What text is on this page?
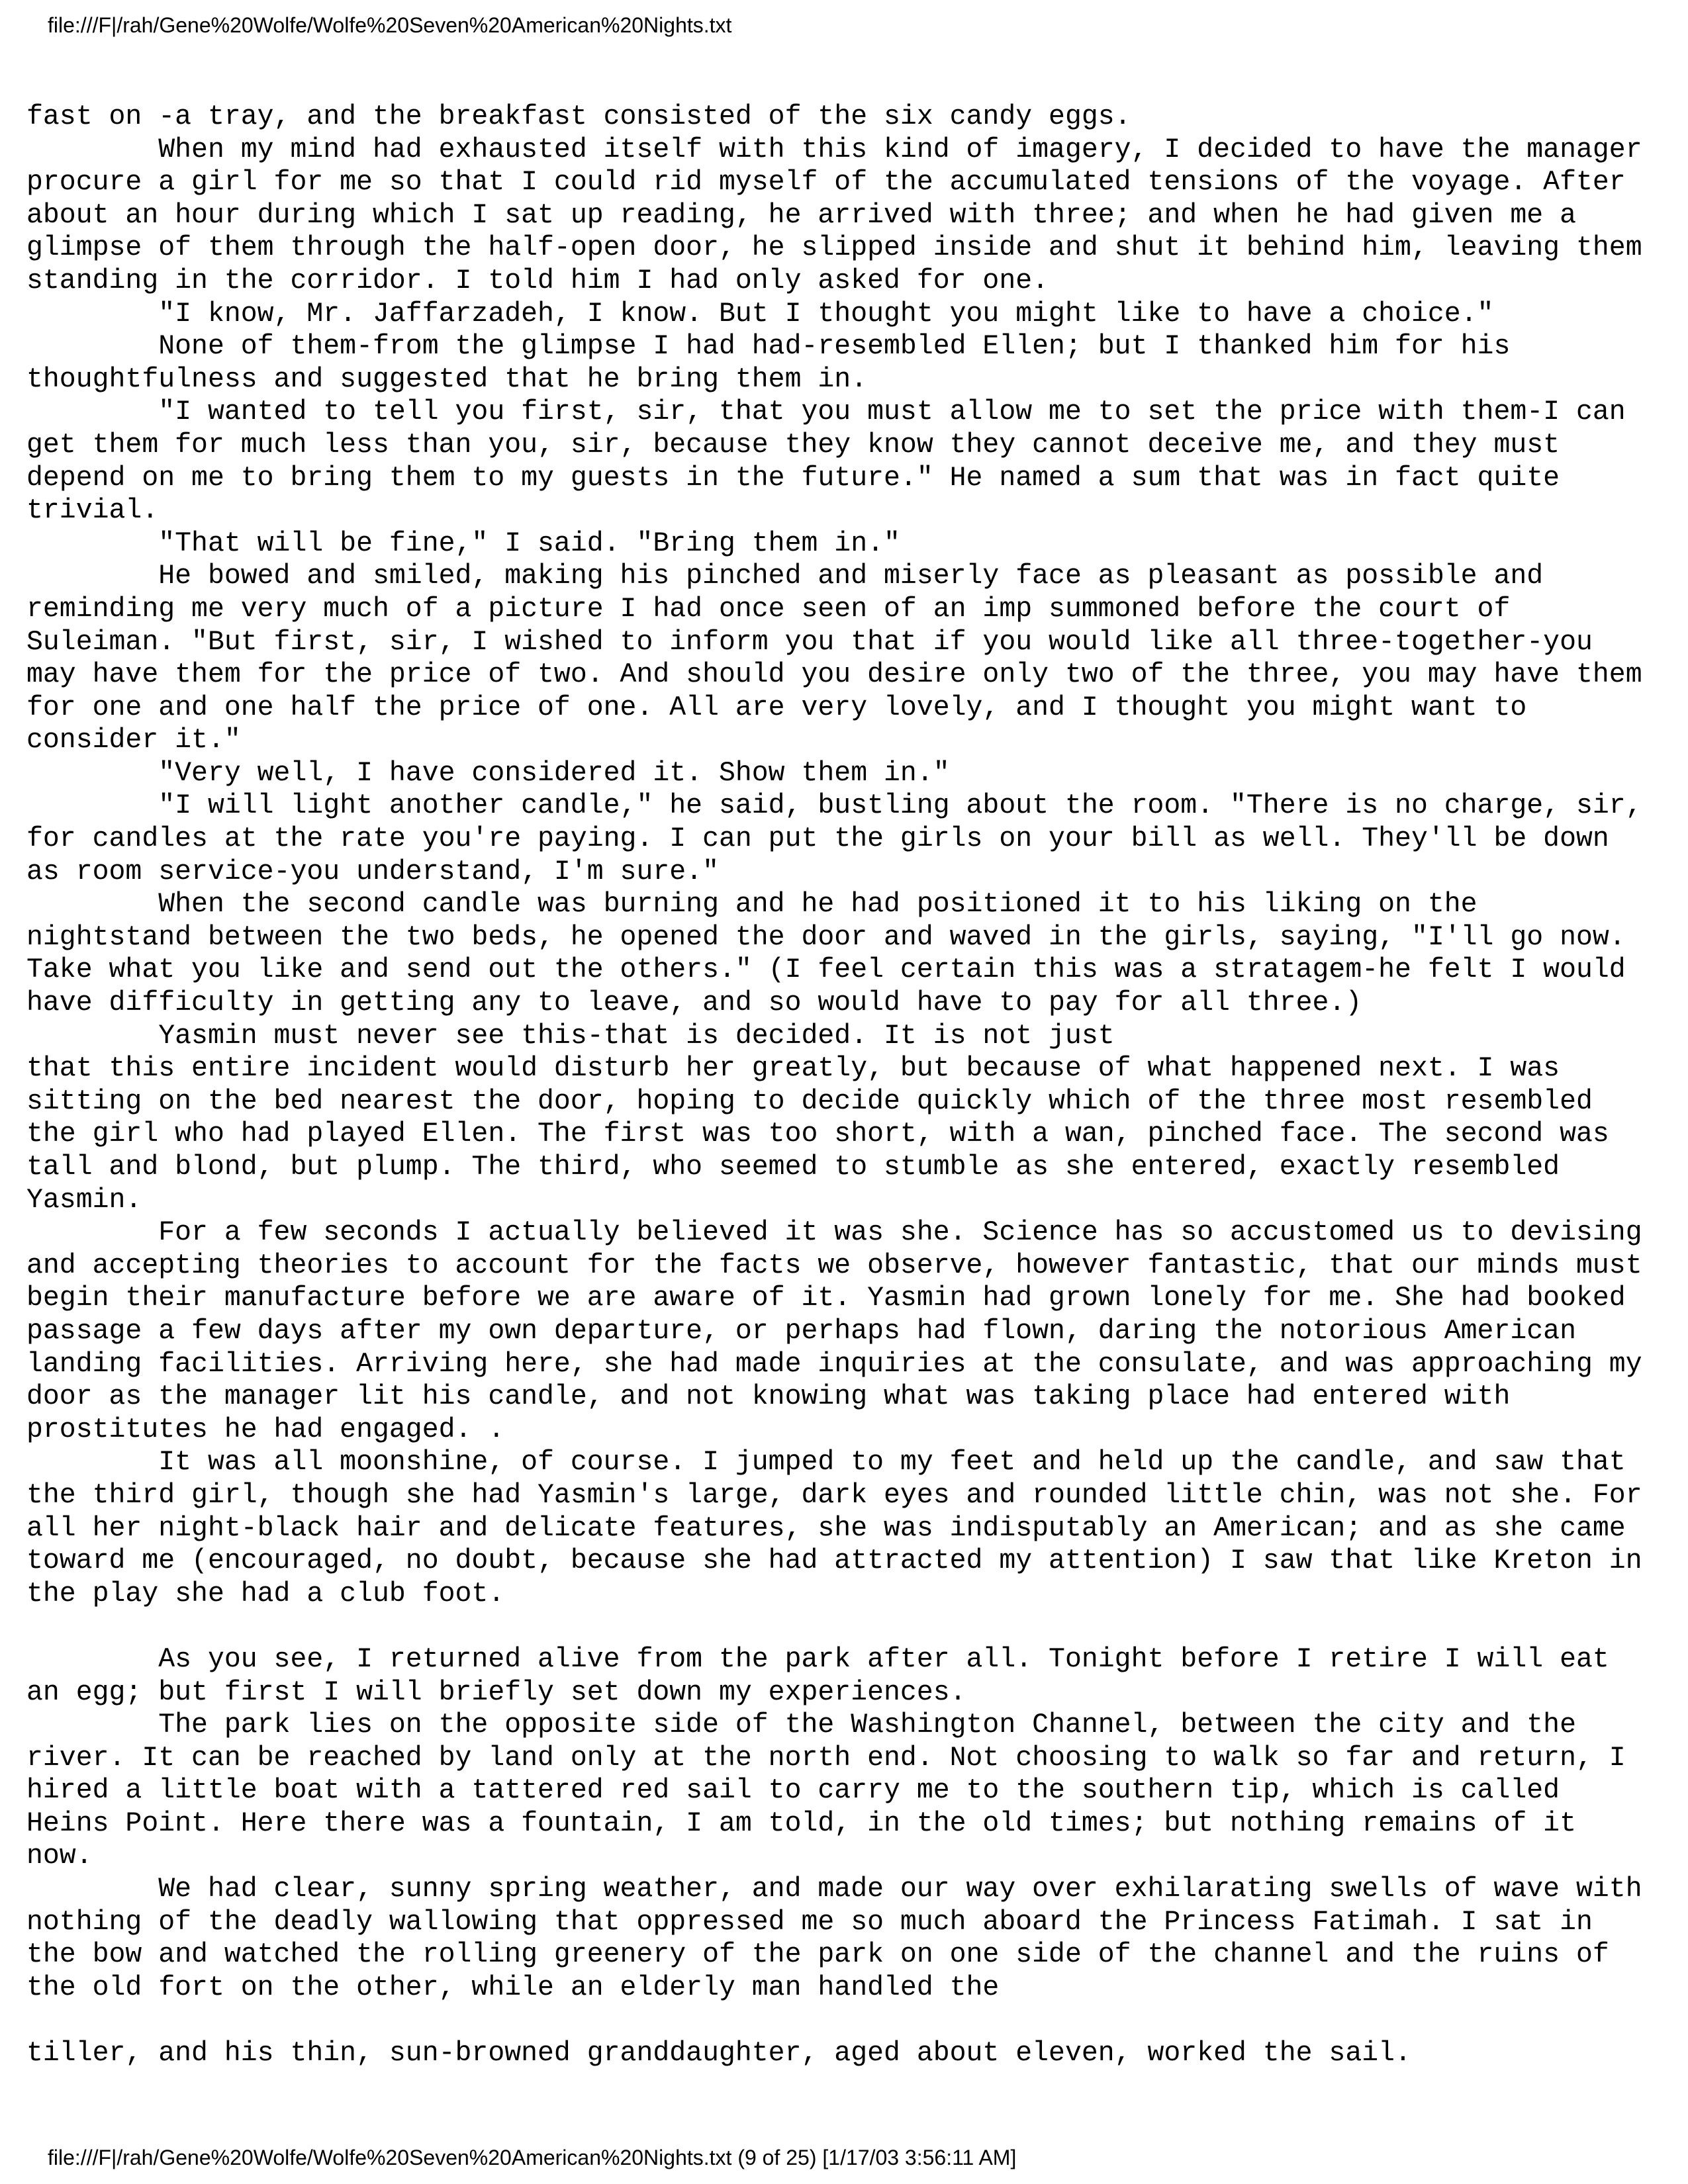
file:///F|/rah/Gene%20Wolfe/Wolfe%20Seven%20American%20Nights.txt
fast on -a tray, and the breakfast consisted of the six candy eggs.
When my mind had exhausted itself with this kind of imagery, I decided to have the manager
procure a girl for me so that I could rid myself of the accumulated tensions of the voyage. After
about an hour during which I sat up reading, he arrived with three; and when he had given me a
glimpse of them through the half-open door, he slipped inside and shut it behind him, leaving them
standing in the corridor. I told him I had only asked for one.
"I know, Mr. Jaffarzadeh, I know. But I thought you might like to have a choice."
None of them-from the glimpse I had had-resembled Ellen; but I thanked him for his
thoughtfulness and suggested that he bring them in.
"I wanted to tell you first, sir, that you must allow me to set the price with them-I can
get them for much less than you, sir, because they know they cannot deceive me, and they must
depend on me to bring them to my guests in the future." He named a sum that was in fact quite
trivial.
"That will be fine," I said. "Bring them in."
He bowed and smiled, making his pinched and miserly face as pleasant as possible and
reminding me very much of a picture I had once seen of an imp summoned before the court of
Suleiman. "But first, sir, I wished to inform you that if you would like all three-together-you
may have them for the price of two. And should you desire only two of the three, you may have them
for one and one half the price of one. All are very lovely, and I thought you might want to
consider it."
"Very well, I have considered it. Show them in."
"I will light another candle," he said, bustling about the room. "There is no charge, sir,
for candles at the rate you're paying. I can put the girls on your bill as well. They'll be down
as room service-you understand, I'm sure."
When the second candle was burning and he had positioned it to his liking on the
nightstand between the two beds, he opened the door and waved in the girls, saying, "I'll go now.
Take what you like and send out the others." (I feel certain this was a stratagem-he felt I would
have difficulty in getting any to leave, and so would have to pay for all three.)
Yasmin must never see this-that is decided. It is not just
that this entire incident would disturb her greatly, but because of what happened next. I was
sitting on the bed nearest the door, hoping to decide quickly which of the three most resembled
the girl who had played Ellen. The first was too short, with a wan, pinched face. The second was
tall and blond, but plump. The third, who seemed to stumble as she entered, exactly resembled
Yasmin.
For a few seconds I actually believed it was she. Science has so accustomed us to devising
and accepting theories to account for the facts we observe, however fantastic, that our minds must
begin their manufacture before we are aware of it. Yasmin had grown lonely for me. She had booked
passage a few days after my own departure, or perhaps had flown, daring the notorious American
landing facilities. Arriving here, she had made inquiries at the consulate, and was approaching my
door as the manager lit his candle, and not knowing what was taking place had entered with
prostitutes he had engaged. .
It was all moonshine, of course. I jumped to my feet and held up the candle, and saw that
the third girl, though she had Yasmin's large, dark eyes and rounded little chin, was not she. For
all her night-black hair and delicate features, she was indisputably an American; and as she came
toward me (encouraged, no doubt, because she had attracted my attention) I saw that like Kreton in
the play she had a club foot.
As you see, I returned alive from the park after all. Tonight before I retire I will eat
an egg; but first I will briefly set down my experiences.
The park lies on the opposite side of the Washington Channel, between the city and the
river. It can be reached by land only at the north end. Not choosing to walk so far and return, I
hired a little boat with a tattered red sail to carry me to the southern tip, which is called
Heins Point. Here there was a fountain, I am told, in the old times; but nothing remains of it
now.
We had clear, sunny spring weather, and made our way over exhilarating swells of wave with
nothing of the deadly wallowing that oppressed me so much aboard the Princess Fatimah. I sat in
the bow and watched the rolling greenery of the park on one side of the channel and the ruins of
the old fort on the other, while an elderly man handled the
tiller, and his thin, sun-browned granddaughter, aged about eleven, worked the sail.
file:///F|/rah/Gene%20Wolfe/Wolfe%20Seven%20American%20Nights.txt (9 of 25) [1/17/03 3:56:11 AM]
